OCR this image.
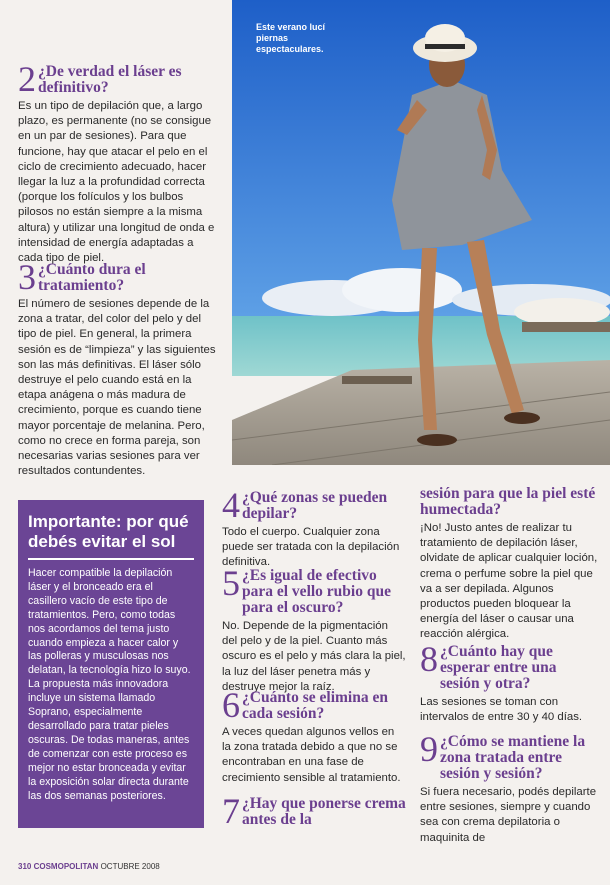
Este verano lucí piernas espectaculares.
2 ¿De verdad el láser es definitivo?

Es un tipo de depilación que, a largo plazo, es permanente (no se consigue en un par de sesiones). Para que funcione, hay que atacar el pelo en el ciclo de crecimiento adecuado, hacer llegar la luz a la profundidad correcta (porque los folículos y los bulbos pilosos no están siempre a la misma altura) y utilizar una longitud de onda e intensidad de energía adaptadas a cada tipo de piel.

3 ¿Cuánto dura el tratamiento?

El número de sesiones depende de la zona a tratar, del color del pelo y del tipo de piel. En general, la primera sesión es de “limpieza” y las siguientes son las más definitivas. El láser sólo destruye el pelo cuando está en la etapa anágena o más madura de crecimiento, porque es cuando tiene mayor porcentaje de melanina. Pero, como no crece en forma pareja, son necesarias varias sesiones para ver resultados contundentes.

Importante: por qué debés evitar el sol

Hacer compatible la depilación láser y el bronceado era el casillero vacío de este tipo de tratamientos. Pero, como todas nos acordamos del tema justo cuando empieza a hacer calor y las polleras y musculosas nos delatan, la tecnología hizo lo suyo. La propuesta más innovadora incluye un sistema llamado Soprano, especialmente desarrollado para tratar pieles oscuras. De todas maneras, antes de comenzar con este proceso es mejor no estar bronceada y evitar la exposición solar directa durante las dos semanas posteriores.

4 ¿Qué zonas se pueden depilar?

Todo el cuerpo. Cualquier zona puede ser tratada con la depilación definitiva.

5 ¿Es igual de efectivo para el vello rubio que para el oscuro?

No. Depende de la pigmentación del pelo y de la piel. Cuanto más oscuro es el pelo y más clara la piel, la luz del láser penetra más y destruye mejor la raíz.

6 ¿Cuánto se elimina en cada sesión?

A veces quedan algunos vellos en la zona tratada debido a que no se encontraban en una fase de crecimiento sensible al tratamiento.

7 ¿Hay que ponerse crema antes de la
sesión para que la piel esté humectada?

¡No! Justo antes de realizar tu tratamiento de depilación láser, olvidate de aplicar cualquier loción, crema o perfume sobre la piel que va a ser depilada. Algunos productos pueden bloquear la energía del láser o causar una reacción alérgica.

8 ¿Cuánto hay que esperar entre una sesión y otra?

Las sesiones se toman con intervalos de entre 30 y 40 días.

9 ¿Cómo se mantiene la zona tratada entre sesión y sesión?

Si fuera necesario, podés depilarte entre sesiones, siempre y cuando sea con crema depilatoria o maquinita de

310 COSMOPOLITAN OCTUBRE 2008
